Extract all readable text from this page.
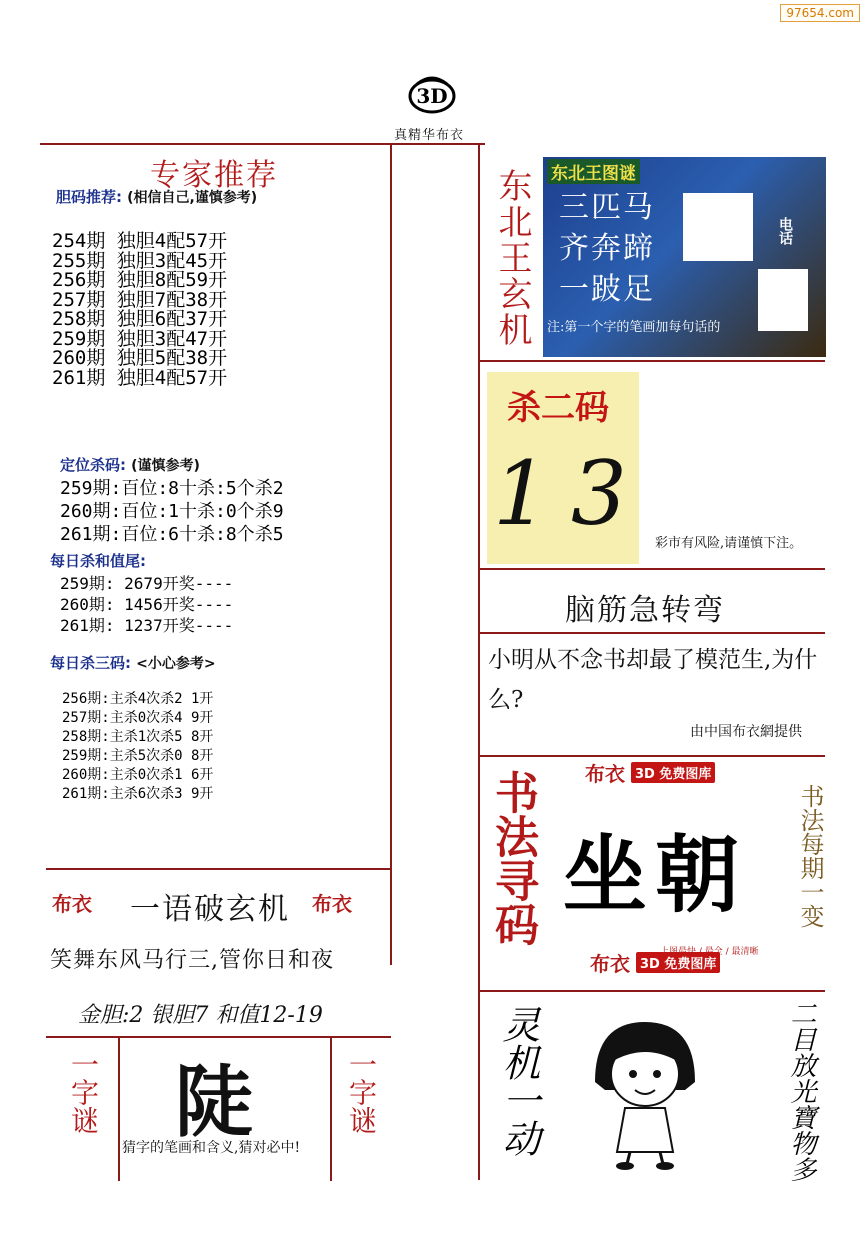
97654.com
3D
真精华布衣
专家推荐
胆码推荐: (相信自己,谨慎参考)
254期 独胆4配57开
255期 独胆3配45开
256期 独胆8配59开
257期 独胆7配38开
258期 独胆6配37开
259期 独胆3配47开
260期 独胆5配38开
261期 独胆4配57开
定位杀码: (谨慎参考)
259期:百位:8十杀:5个杀2
260期:百位:1十杀:0个杀9
261期:百位:6十杀:8个杀5
每日杀和值尾:
259期: 2679开奖----
260期: 1456开奖----
261期: 1237开奖----
每日杀三码: <小心参考>
256期:主杀4次杀2 1开
257期:主杀0次杀4 9开
258期:主杀1次杀5 8开
259期:主杀5次杀0 8开
260期:主杀0次杀1 6开
261期:主杀6次杀3 9开
布衣 一语破玄机 布衣
笑舞东风马行三,管你日和夜
金胆:2 银胆7 和值12-19
一字谜 陡
猜字的笔画和含义,猜对必中!
一字谜
东北王玄机 东北王图谜
三匹马
齐奔蹄
一跛足
电话
注:第一个字的笔画加每句话的
杀二码
13 彩市有风险,请谨慎下注。
脑筋急转弯
小明从不念书却最了模范生,为什么?
由中国布衣網提供
布衣 3D 免费图库
书法寻码 坐朝 书法每期一变
布衣 3D 免费图库
上图最快 / 最全 / 最清晰
灵机一动	二目放光寶物多
